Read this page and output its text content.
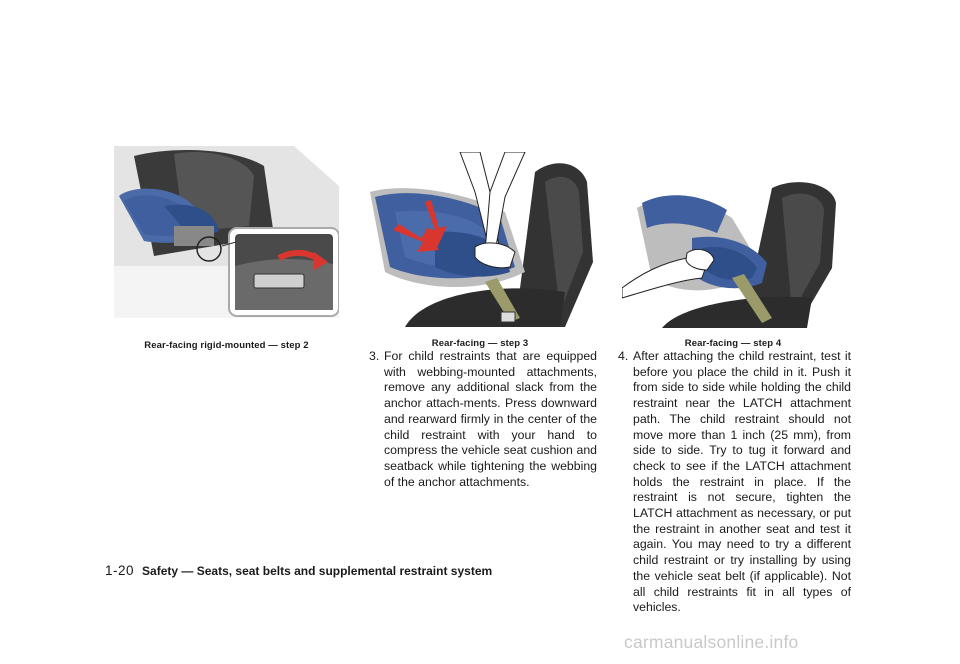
Rear-facing rigid-mounted — step 2	Rear-facing — step 3	Rear-facing — step 4
3. For child restraints that are equipped with webbing-mounted attachments, remove any additional slack from the anchor attach-ments. Press downward and rearward firmly in the center of the child restraint with your hand to compress the vehicle seat cushion and seatback while tightening the webbing of the anchor attachments.
4. After attaching the child restraint, test it before you place the child in it. Push it from side to side while holding the child restraint near the LATCH attachment path. The child restraint should not move more than 1 inch (25 mm), from side to side. Try to tug it forward and check to see if the LATCH attachment holds the restraint in place. If the restraint is not secure, tighten the LATCH attachment as necessary, or put the restraint in another seat and test it again. You may need to try a different child restraint or try installing by using the vehicle seat belt (if applicable). Not all child restraints fit in all types of vehicles.
1-20 Safety — Seats, seat belts and supplemental restraint system
carmanualsonline.info
